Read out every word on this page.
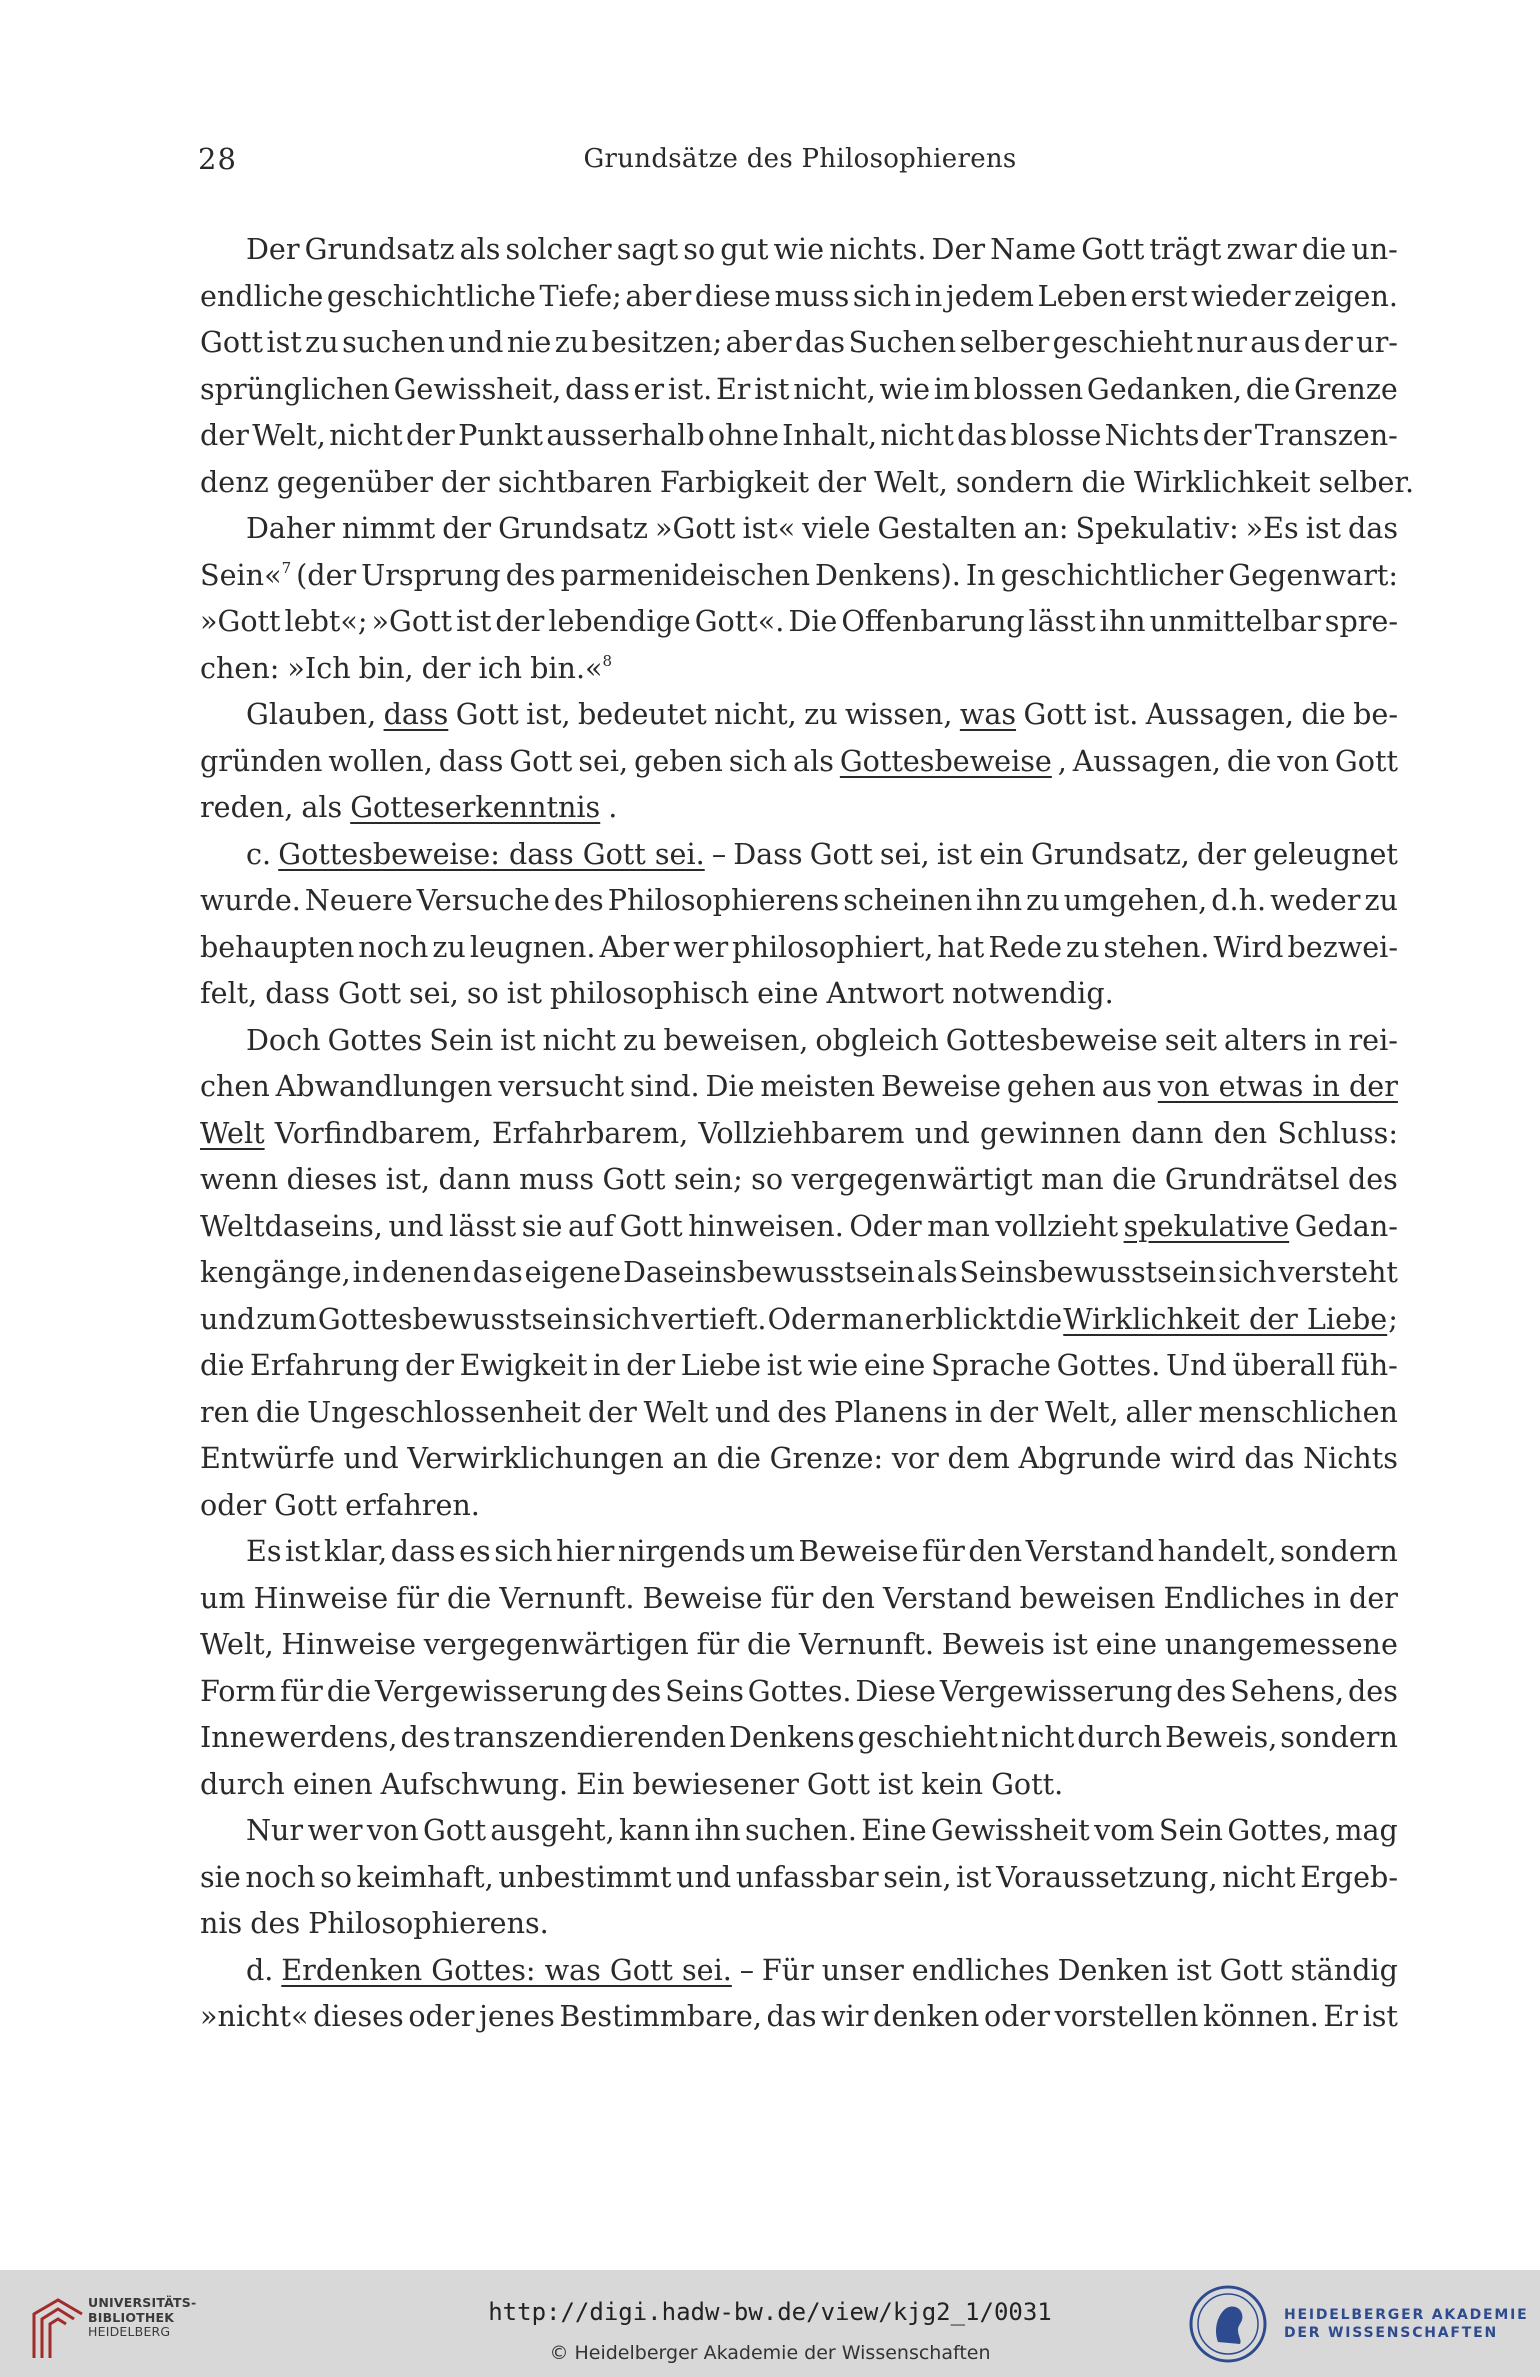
28	Grundsätze des Philosophierens
Der Grundsatz als solcher sagt so gut wie nichts. Der Name Gott trägt zwar die un-
endliche geschichtliche Tiefe; aber diese muss sich in jedem Leben erst wieder zeigen.
Gott ist zu suchen und nie zu besitzen; aber das Suchen selber geschieht nur aus der ur-
sprünglichen Gewissheit, dass er ist. Er ist nicht, wie im blossen Gedanken, die Grenze
der Welt, nicht der Punkt ausserhalb ohne Inhalt, nicht das blosse Nichts der Transzen-
denz gegenüber der sichtbaren Farbigkeit der Welt, sondern die Wirklichkeit selber.
Daher nimmt der Grundsatz »Gott ist« viele Gestalten an: Spekulativ: »Es ist das
Sein«$^7$ (der Ursprung des parmenideischen Denkens). In geschichtlicher Gegenwart:
»Gott lebt«; »Gott ist der lebendige Gott«. Die Offenbarung lässt ihn unmittelbar spre-
chen: »Ich bin, der ich bin.«$^8$
Glauben, dass Gott ist, bedeutet nicht, zu wissen, was Gott ist. Aussagen, die be-
gründen wollen, dass Gott sei, geben sich als Gottesbeweise , Aussagen, die von Gott
reden, als Gotteserkenntnis .
c. Gottesbeweise: dass Gott sei. – Dass Gott sei, ist ein Grundsatz, der geleugnet
wurde. Neuere Versuche des Philosophierens scheinen ihn zu umgehen, d.h. weder zu
behaupten noch zu leugnen. Aber wer philosophiert, hat Rede zu stehen. Wird bezwei-
felt, dass Gott sei, so ist philosophisch eine Antwort notwendig.
Doch Gottes Sein ist nicht zu beweisen, obgleich Gottesbeweise seit alters in rei-
chen Abwandlungen versucht sind. Die meisten Beweise gehen aus von etwas in der
Welt Vorfindbarem, Erfahrbarem, Vollziehbarem und gewinnen dann den Schluss:
wenn dieses ist, dann muss Gott sein; so vergegenwärtigt man die Grundrätsel des
Weltdaseins, und lässt sie auf Gott hinweisen. Oder man vollzieht spekulative Gedan-
kengänge, in denen das eigene Daseinsbewusstsein als Seinsbewusstsein sich versteht
und zum Gottesbewusstsein sich vertieft. Oder man erblickt die Wirklichkeit der Liebe ;
die Erfahrung der Ewigkeit in der Liebe ist wie eine Sprache Gottes. Und überall füh-
ren die Ungeschlossenheit der Welt und des Planens in der Welt, aller menschlichen
Entwürfe und Verwirklichungen an die Grenze: vor dem Abgrunde wird das Nichts
oder Gott erfahren.
Es ist klar, dass es sich hier nirgends um Beweise für den Verstand handelt, sondern
um Hinweise für die Vernunft. Beweise für den Verstand beweisen Endliches in der
Welt, Hinweise vergegenwärtigen für die Vernunft. Beweis ist eine unangemessene
Form für die Vergewisserung des Seins Gottes. Diese Vergewisserung des Sehens, des
Innewerdens, des transzendierenden Denkens geschieht nicht durch Beweis, sondern
durch einen Aufschwung. Ein bewiesener Gott ist kein Gott.
Nur wer von Gott ausgeht, kann ihn suchen. Eine Gewissheit vom Sein Gottes, mag
sie noch so keimhaft, unbestimmt und unfassbar sein, ist Voraussetzung, nicht Ergeb-
nis des Philosophierens.
d. Erdenken Gottes: was Gott sei. – Für unser endliches Denken ist Gott ständig
»nicht« dieses oder jenes Bestimmbare, das wir denken oder vorstellen können. Er ist
UNIVERSITÄTS-
BIBLIOTHEK
HEIDELBERG
http://digi.hadw-bw.de/view/kjg2_1/0031
© Heidelberger Akademie der Wissenschaften
HEIDELBERGER AKADEMIE
DER WISSENSCHAFTEN
